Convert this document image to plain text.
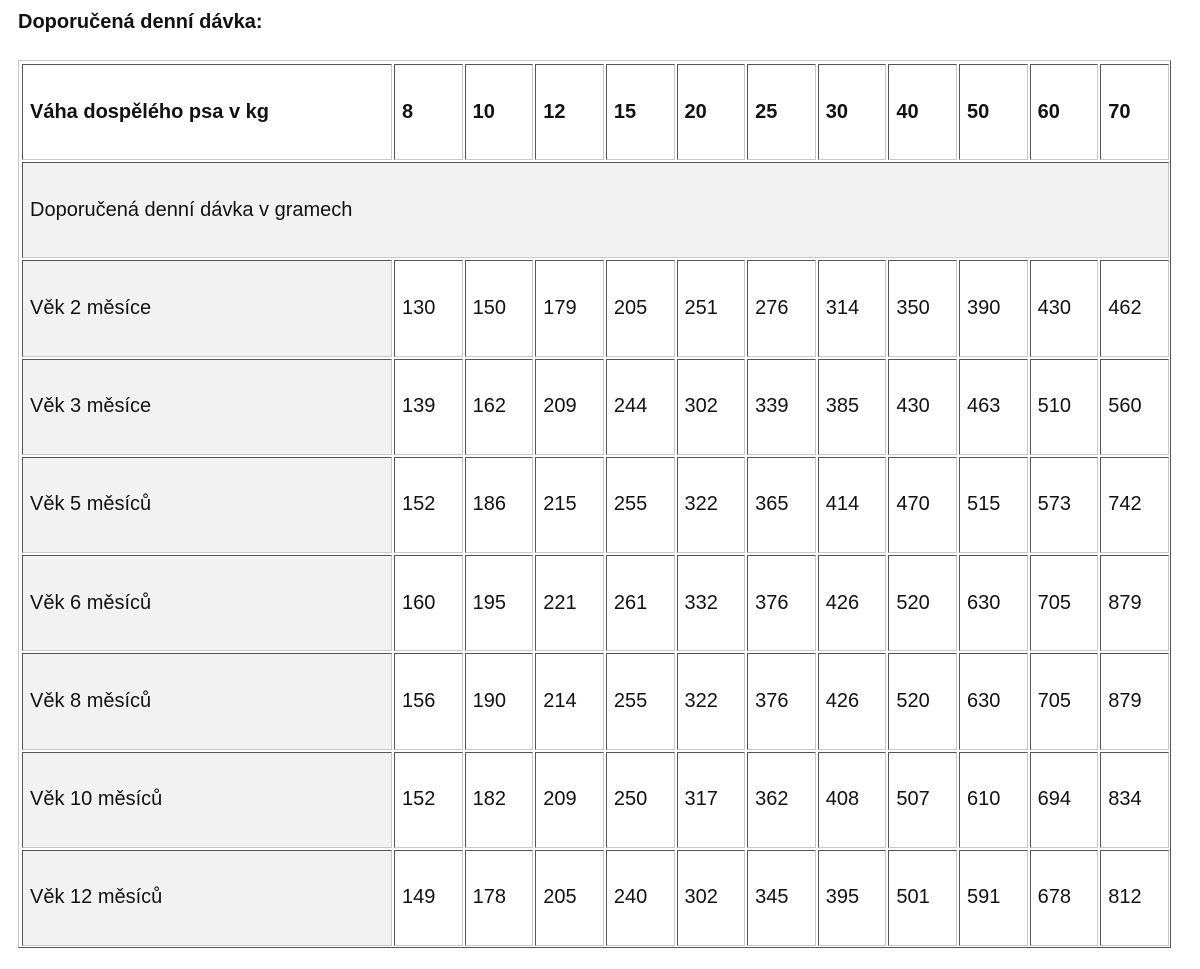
Doporučená denní dávka:
Váha dospělého psa v kg	8	10	12	15	20	25	30	40	50	60	70
Doporučená denní dávka v gramech											
Věk 2 měsíce	130	150	179	205	251	276	314	350	390	430	462
Věk 3 měsíce	139	162	209	244	302	339	385	430	463	510	560
Věk 5 měsíců	152	186	215	255	322	365	414	470	515	573	742
Věk 6 měsíců	160	195	221	261	332	376	426	520	630	705	879
Věk 8 měsíců	156	190	214	255	322	376	426	520	630	705	879
Věk 10 měsíců	152	182	209	250	317	362	408	507	610	694	834
Věk 12 měsíců	149	178	205	240	302	345	395	501	591	678	812
